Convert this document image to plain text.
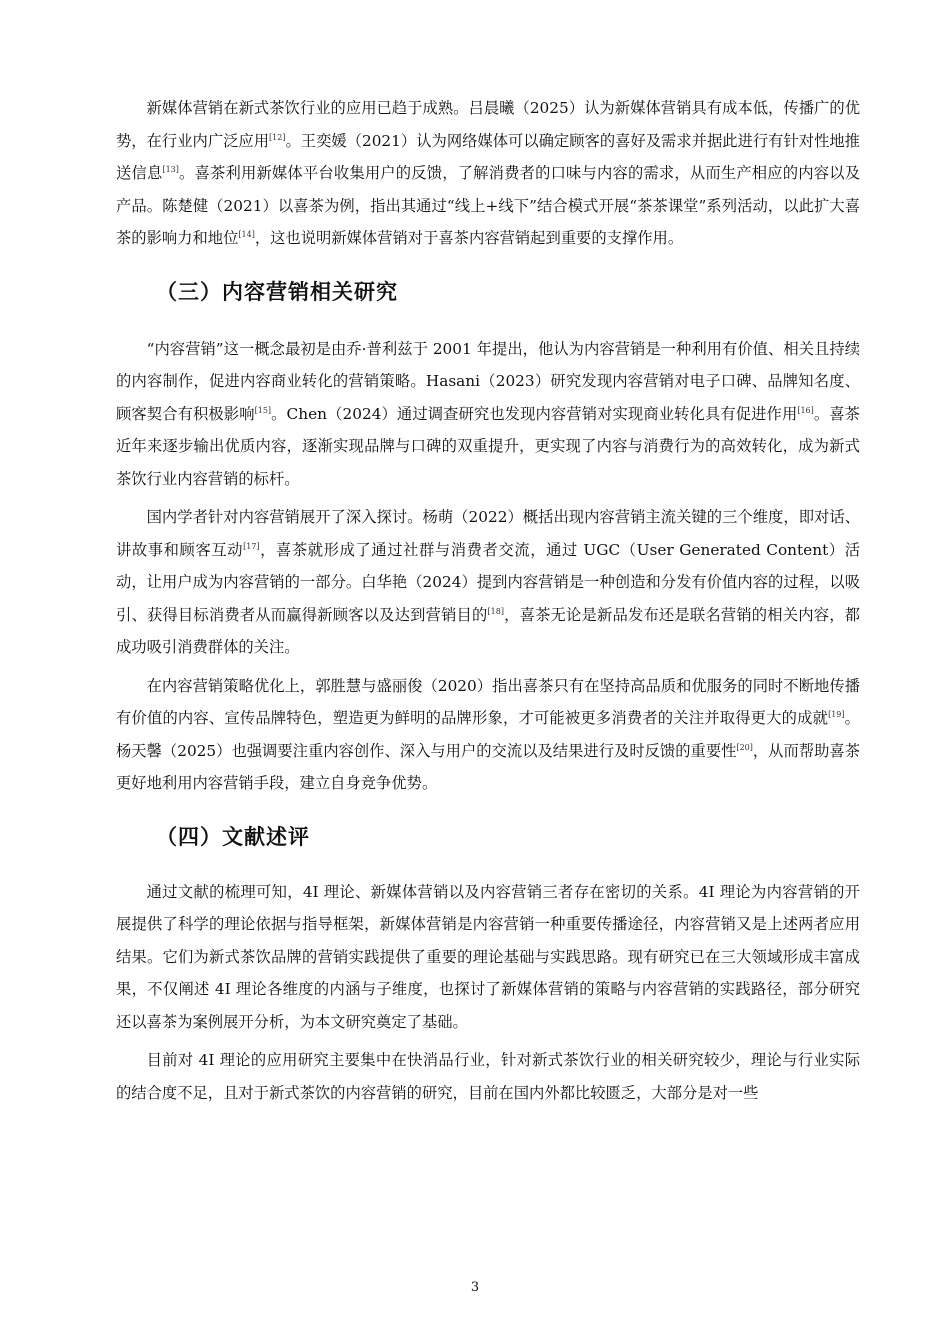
新媒体营销在新式茶饮行业的应用已趋于成熟。吕晨曦（2025）认为新媒体营销具有成本低，传播广的优势，在行业内广泛应用[12]。王奕媛（2021）认为网络媒体可以确定顾客的喜好及需求并据此进行有针对性地推送信息[13]。喜茶利用新媒体平台收集用户的反馈，了解消费者的口味与内容的需求，从而生产相应的内容以及产品。陈楚健（2021）以喜茶为例，指出其通过“线上+线下”结合模式开展“茶茶课堂”系列活动，以此扩大喜茶的影响力和地位[14]，这也说明新媒体营销对于喜茶内容营销起到重要的支撑作用。

（三）内容营销相关研究

“内容营销”这一概念最初是由乔·普利兹于 2001 年提出，他认为内容营销是一种利用有价值、相关且持续的内容制作，促进内容商业转化的营销策略。Hasani（2023）研究发现内容营销对电子口碑、品牌知名度、顾客契合有积极影响[15]。Chen（2024）通过调查研究也发现内容营销对实现商业转化具有促进作用[16]。喜茶近年来逐步输出优质内容，逐渐实现品牌与口碑的双重提升，更实现了内容与消费行为的高效转化，成为新式茶饮行业内容营销的标杆。

国内学者针对内容营销展开了深入探讨。杨萌（2022）概括出现内容营销主流关键的三个维度，即对话、讲故事和顾客互动[17]，喜茶就形成了通过社群与消费者交流，通过 UGC（User Generated Content）活动，让用户成为内容营销的一部分。白华艳（2024）提到内容营销是一种创造和分发有价值内容的过程，以吸引、获得目标消费者从而赢得新顾客以及达到营销目的[18]，喜茶无论是新品发布还是联名营销的相关内容，都成功吸引消费群体的关注。

在内容营销策略优化上，郭胜慧与盛丽俊（2020）指出喜茶只有在坚持高品质和优服务的同时不断地传播有价值的内容、宣传品牌特色，塑造更为鲜明的品牌形象，才可能被更多消费者的关注并取得更大的成就[19]。杨天馨（2025）也强调要注重内容创作、深入与用户的交流以及结果进行及时反馈的重要性[20]，从而帮助喜茶更好地利用内容营销手段，建立自身竞争优势。

（四）文献述评

通过文献的梳理可知，4I 理论、新媒体营销以及内容营销三者存在密切的关系。4I 理论为内容营销的开展提供了科学的理论依据与指导框架，新媒体营销是内容营销一种重要传播途径，内容营销又是上述两者应用结果。它们为新式茶饮品牌的营销实践提供了重要的理论基础与实践思路。现有研究已在三大领域形成丰富成果，不仅阐述 4I 理论各维度的内涵与子维度，也探讨了新媒体营销的策略与内容营销的实践路径，部分研究还以喜茶为案例展开分析，为本文研究奠定了基础。

目前对 4I 理论的应用研究主要集中在快消品行业，针对新式茶饮行业的相关研究较少，理论与行业实际的结合度不足，且对于新式茶饮的内容营销的研究，目前在国内外都比较匮乏，大部分是对一些

3
